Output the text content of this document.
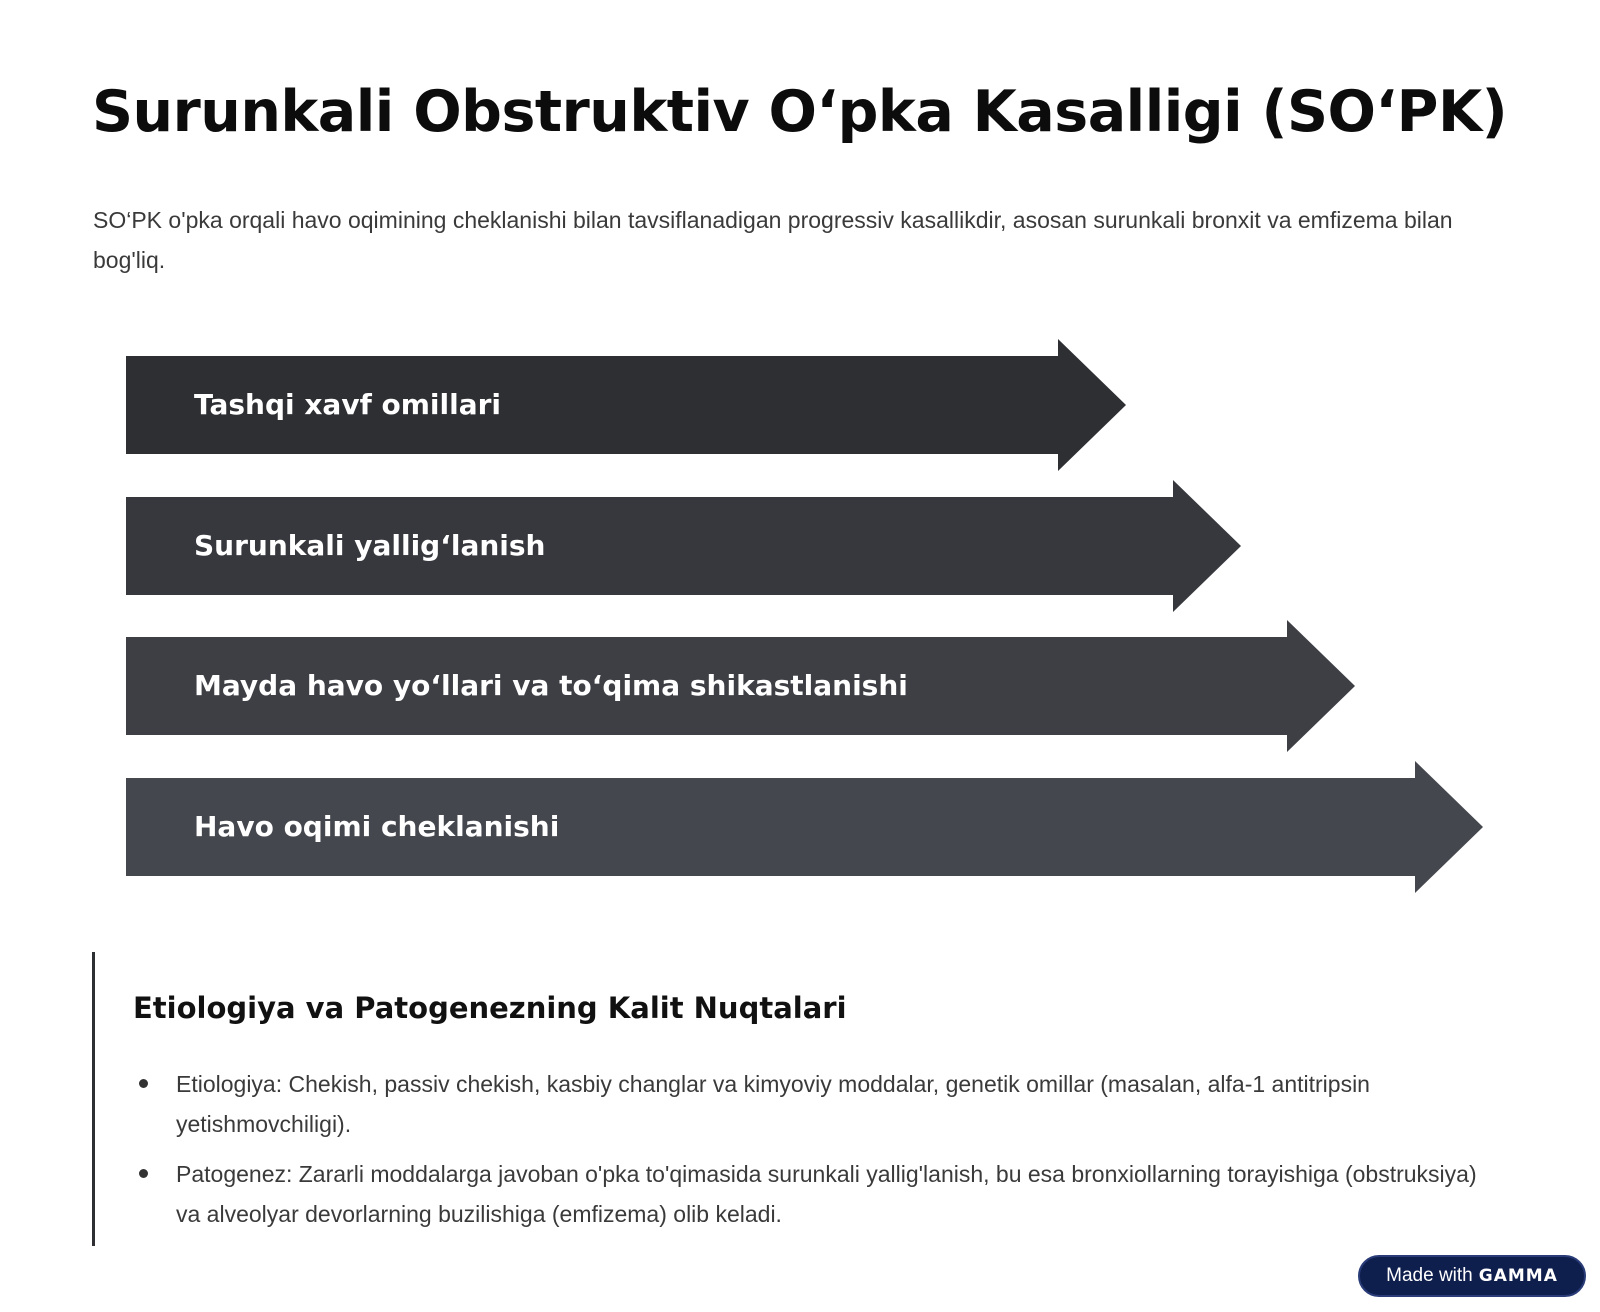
Surunkali Obstruktiv O‘pka Kasalligi (SO‘PK)

SO‘PK o'pka orqali havo oqimining cheklanishi bilan tavsiflanadigan progressiv kasallikdir, asosan surunkali bronxit va emfizema bilan bog'liq.

Tashqi xavf omillari
Surunkali yallig‘lanish
Mayda havo yo‘llari va to‘qima shikastlanishi
Havo oqimi cheklanishi
Etiologiya va Patogenezning Kalit Nuqtalari
Etiologiya: Chekish, passiv chekish, kasbiy changlar va kimyoviy moddalar, genetik omillar (masalan, alfa-1 antitripsin yetishmovchiligi).
Patogenez: Zararli moddalarga javoban o'pka to'qimasida surunkali yallig'lanish, bu esa bronxiollarning torayishiga (obstruksiya) va alveolyar devorlarning buzilishiga (emfizema) olib keladi.
Made with GAMMA
